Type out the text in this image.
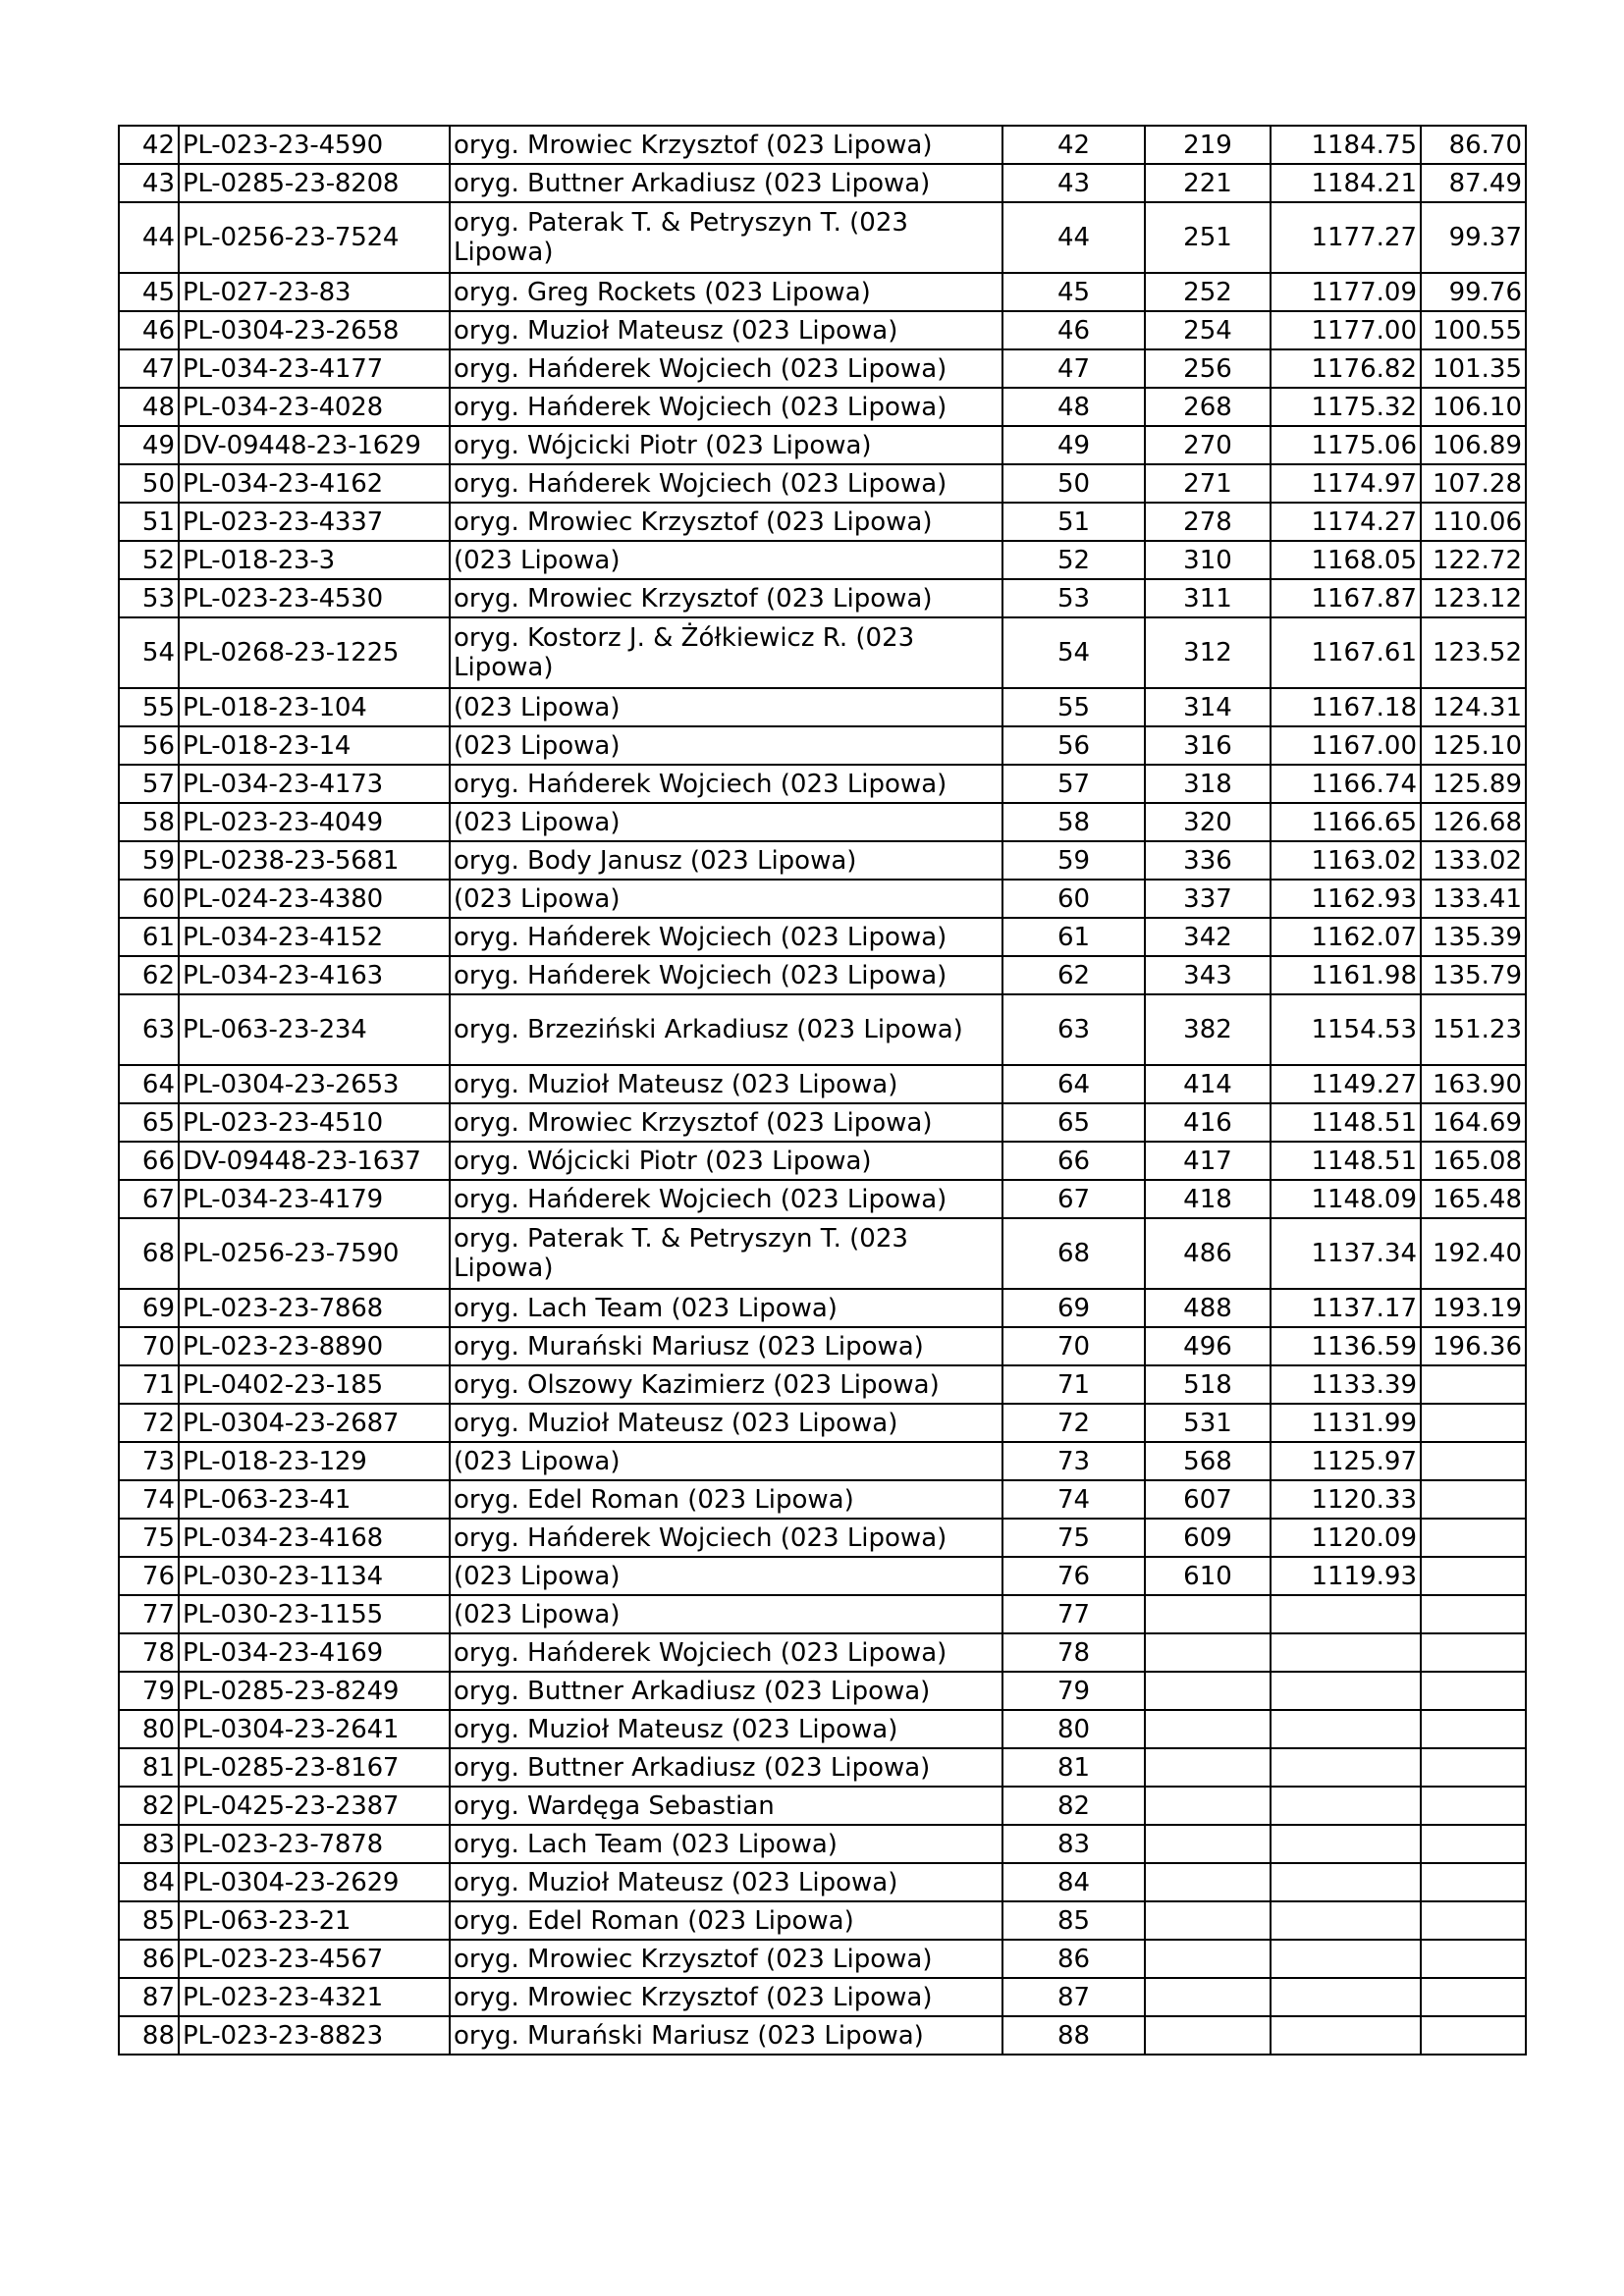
42	PL-023-23-4590	oryg. Mrowiec Krzysztof (023 Lipowa)	42	219	1184.75	86.70
43	PL-0285-23-8208	oryg. Buttner Arkadiusz (023 Lipowa)	43	221	1184.21	87.49
44	PL-0256-23-7524	oryg. Paterak T. & Petryszyn T. (023 Lipowa)	44	251	1177.27	99.37
45	PL-027-23-83	oryg. Greg Rockets (023 Lipowa)	45	252	1177.09	99.76
46	PL-0304-23-2658	oryg. Muzioł Mateusz (023 Lipowa)	46	254	1177.00	100.55
47	PL-034-23-4177	oryg. Hańderek Wojciech (023 Lipowa)	47	256	1176.82	101.35
48	PL-034-23-4028	oryg. Hańderek Wojciech (023 Lipowa)	48	268	1175.32	106.10
49	DV-09448-23-1629	oryg. Wójcicki Piotr (023 Lipowa)	49	270	1175.06	106.89
50	PL-034-23-4162	oryg. Hańderek Wojciech (023 Lipowa)	50	271	1174.97	107.28
51	PL-023-23-4337	oryg. Mrowiec Krzysztof (023 Lipowa)	51	278	1174.27	110.06
52	PL-018-23-3	(023 Lipowa)	52	310	1168.05	122.72
53	PL-023-23-4530	oryg. Mrowiec Krzysztof (023 Lipowa)	53	311	1167.87	123.12
54	PL-0268-23-1225	oryg. Kostorz J. & Żółkiewicz R. (023 Lipowa)	54	312	1167.61	123.52
55	PL-018-23-104	(023 Lipowa)	55	314	1167.18	124.31
56	PL-018-23-14	(023 Lipowa)	56	316	1167.00	125.10
57	PL-034-23-4173	oryg. Hańderek Wojciech (023 Lipowa)	57	318	1166.74	125.89
58	PL-023-23-4049	(023 Lipowa)	58	320	1166.65	126.68
59	PL-0238-23-5681	oryg. Body Janusz (023 Lipowa)	59	336	1163.02	133.02
60	PL-024-23-4380	(023 Lipowa)	60	337	1162.93	133.41
61	PL-034-23-4152	oryg. Hańderek Wojciech (023 Lipowa)	61	342	1162.07	135.39
62	PL-034-23-4163	oryg. Hańderek Wojciech (023 Lipowa)	62	343	1161.98	135.79
63	PL-063-23-234	oryg. Brzeziński Arkadiusz (023 Lipowa)	63	382	1154.53	151.23
64	PL-0304-23-2653	oryg. Muzioł Mateusz (023 Lipowa)	64	414	1149.27	163.90
65	PL-023-23-4510	oryg. Mrowiec Krzysztof (023 Lipowa)	65	416	1148.51	164.69
66	DV-09448-23-1637	oryg. Wójcicki Piotr (023 Lipowa)	66	417	1148.51	165.08
67	PL-034-23-4179	oryg. Hańderek Wojciech (023 Lipowa)	67	418	1148.09	165.48
68	PL-0256-23-7590	oryg. Paterak T. & Petryszyn T. (023 Lipowa)	68	486	1137.34	192.40
69	PL-023-23-7868	oryg. Lach Team (023 Lipowa)	69	488	1137.17	193.19
70	PL-023-23-8890	oryg. Murański Mariusz (023 Lipowa)	70	496	1136.59	196.36
71	PL-0402-23-185	oryg. Olszowy Kazimierz (023 Lipowa)	71	518	1133.39	
72	PL-0304-23-2687	oryg. Muzioł Mateusz (023 Lipowa)	72	531	1131.99	
73	PL-018-23-129	(023 Lipowa)	73	568	1125.97	
74	PL-063-23-41	oryg. Edel Roman (023 Lipowa)	74	607	1120.33	
75	PL-034-23-4168	oryg. Hańderek Wojciech (023 Lipowa)	75	609	1120.09	
76	PL-030-23-1134	(023 Lipowa)	76	610	1119.93	
77	PL-030-23-1155	(023 Lipowa)	77			
78	PL-034-23-4169	oryg. Hańderek Wojciech (023 Lipowa)	78			
79	PL-0285-23-8249	oryg. Buttner Arkadiusz (023 Lipowa)	79			
80	PL-0304-23-2641	oryg. Muzioł Mateusz (023 Lipowa)	80			
81	PL-0285-23-8167	oryg. Buttner Arkadiusz (023 Lipowa)	81			
82	PL-0425-23-2387	oryg. Wardęga Sebastian	82			
83	PL-023-23-7878	oryg. Lach Team (023 Lipowa)	83			
84	PL-0304-23-2629	oryg. Muzioł Mateusz (023 Lipowa)	84			
85	PL-063-23-21	oryg. Edel Roman (023 Lipowa)	85			
86	PL-023-23-4567	oryg. Mrowiec Krzysztof (023 Lipowa)	86			
87	PL-023-23-4321	oryg. Mrowiec Krzysztof (023 Lipowa)	87			
88	PL-023-23-8823	oryg. Murański Mariusz (023 Lipowa)	88			
